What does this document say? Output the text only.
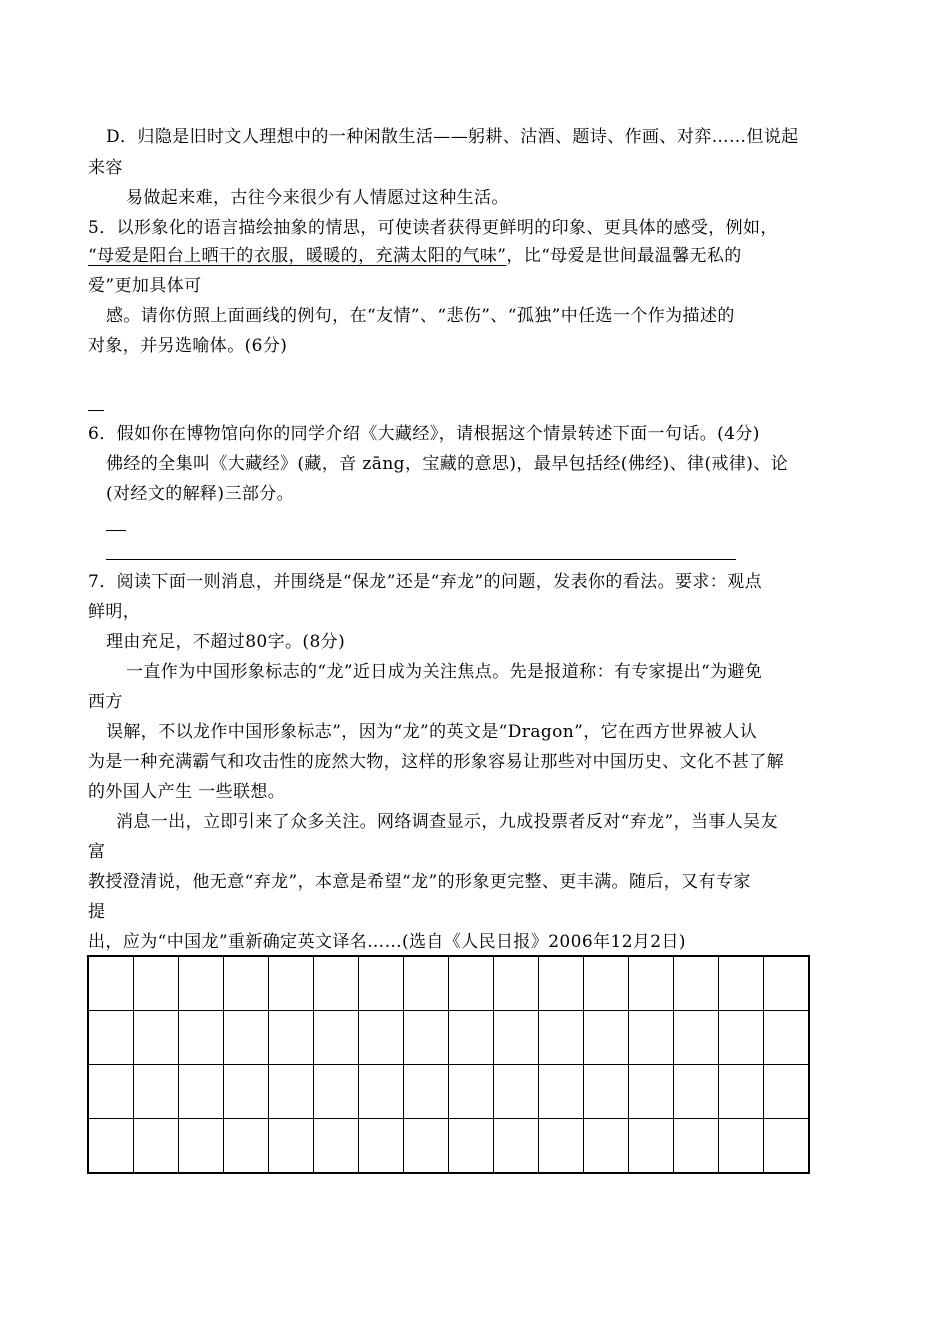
D．归隐是旧时文人理想中的一种闲散生活——躬耕、沽酒、题诗、作画、对弈……但说起
来容
易做起来难，古往今来很少有人情愿过这种生活。
5．以形象化的语言描绘抽象的情思，可使读者获得更鲜明的印象、更具体的感受，例如，
“母爱是阳台上晒干的衣服，暖暖的，充满太阳的气味”，比“母爱是世间最温馨无私的
爱”更加具体可
感。请你仿照上面画线的例句，在“友情”、“悲伤”、“孤独”中任选一个作为描述的
对象，并另选喻体。(6分)
6．假如你在博物馆向你的同学介绍《大藏经》，请根据这个情景转述下面一句话。(4分)
佛经的全集叫《大藏经》(藏，音 zāng，宝藏的意思)，最早包括经(佛经)、律(戒律)、论
(对经文的解释)三部分。
7．阅读下面一则消息，并围绕是“保龙”还是“弃龙”的问题，发表你的看法。要求：观点
鲜明，
理由充足，不超过80字。(8分)
一直作为中国形象标志的“龙”近日成为关注焦点。先是报道称：有专家提出“为避免
西方
误解，不以龙作中国形象标志”，因为“龙”的英文是“Dragon”，它在西方世界被人认
为是一种充满霸气和攻击性的庞然大物，这样的形象容易让那些对中国历史、文化不甚了解
的外国人产生 一些联想。
消息一出，立即引来了众多关注。网络调查显示，九成投票者反对“弃龙”，当事人吴友
富
教授澄清说，他无意“弃龙”，本意是希望“龙”的形象更完整、更丰满。随后，又有专家
提
出，应为“中国龙”重新确定英文译名……(选自《人民日报》2006年12月2日)
